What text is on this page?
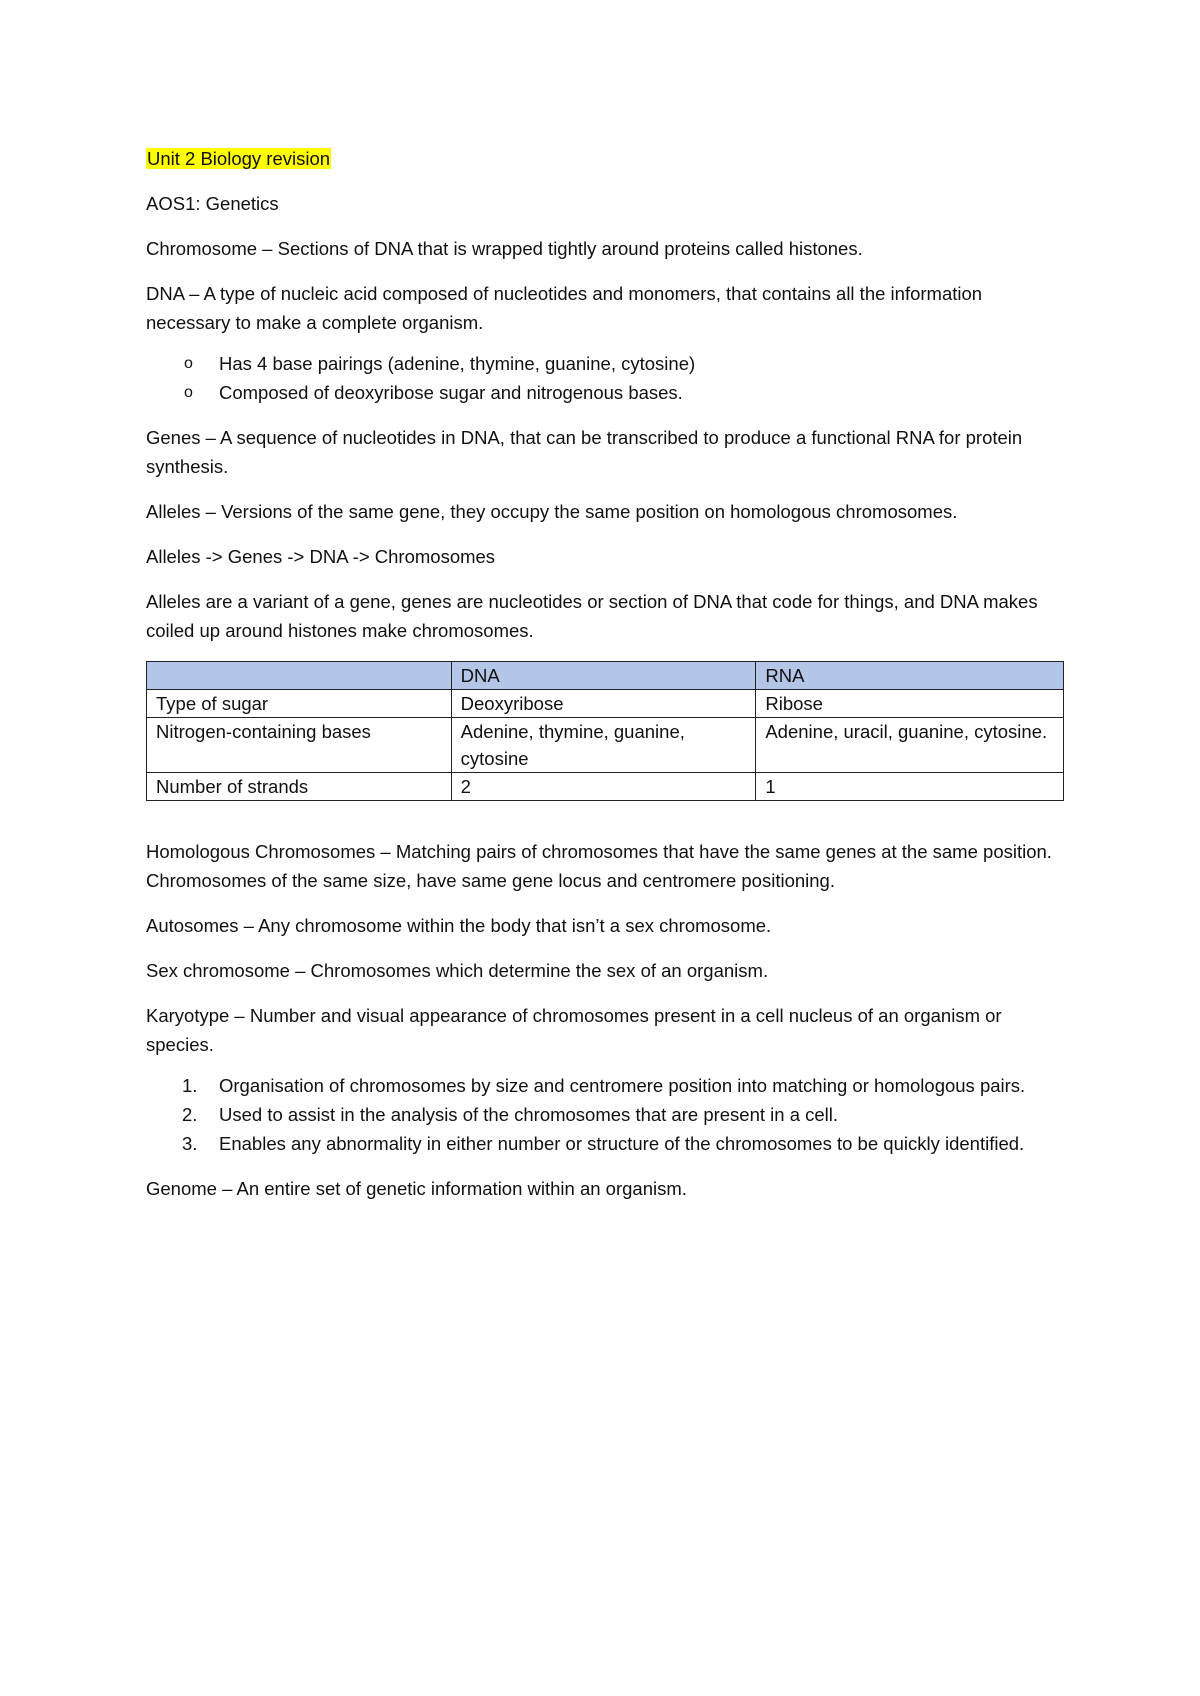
Unit 2 Biology revision

AOS1: Genetics

Chromosome – Sections of DNA that is wrapped tightly around proteins called histones.

DNA – A type of nucleic acid composed of nucleotides and monomers, that contains all the information necessary to make a complete organism.

o Has 4 base pairings (adenine, thymine, guanine, cytosine)
o Composed of deoxyribose sugar and nitrogenous bases.

Genes – A sequence of nucleotides in DNA, that can be transcribed to produce a functional RNA for protein synthesis.

Alleles – Versions of the same gene, they occupy the same position on homologous chromosomes.

Alleles -> Genes -> DNA -> Chromosomes

Alleles are a variant of a gene, genes are nucleotides or section of DNA that code for things, and DNA makes coiled up around histones make chromosomes.

	DNA	RNA
Type of sugar	Deoxyribose	Ribose
Nitrogen-containing bases	Adenine, thymine, guanine, cytosine	Adenine, uracil, guanine, cytosine.
Number of strands	2	1

Homologous Chromosomes – Matching pairs of chromosomes that have the same genes at the same position. Chromosomes of the same size, have same gene locus and centromere positioning.

Autosomes – Any chromosome within the body that isn’t a sex chromosome.

Sex chromosome – Chromosomes which determine the sex of an organism.

Karyotype – Number and visual appearance of chromosomes present in a cell nucleus of an organism or species.

1. Organisation of chromosomes by size and centromere position into matching or homologous pairs.
2. Used to assist in the analysis of the chromosomes that are present in a cell.
3. Enables any abnormality in either number or structure of the chromosomes to be quickly identified.

Genome – An entire set of genetic information within an organism.
